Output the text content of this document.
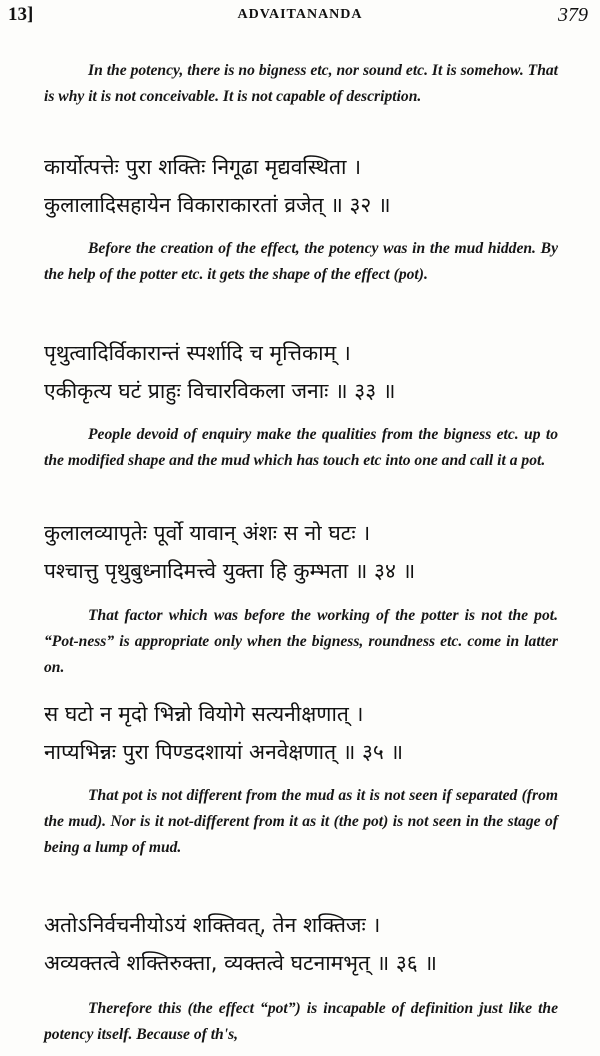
13]	ADVAITANANDA	379

In the potency, there is no bigness etc, nor sound etc. It is somehow. That is why it is not conceivable. It is not capable of description.

कार्योत्पत्तेः पुरा शक्तिः निगूढा मृद्यवस्थिता ।
कुलालादिसहायेन विकाराकारतां व्रजेत् ॥ ३२ ॥

Before the creation of the effect, the potency was in the mud hidden. By the help of the potter etc. it gets the shape of the effect (pot).

पृथुत्वादिर्विकारान्तं स्पर्शादि च मृत्तिकाम् ।
एकीकृत्य घटं प्राहुः विचारविकला जनाः ॥ ३३ ॥

People devoid of enquiry make the qualities from the bigness etc. up to the modified shape and the mud which has touch etc into one and call it a pot.

कुलालव्यापृतेः पूर्वो यावान् अंशः स नो घटः ।
पश्चात्तु पृथुबुध्नादिमत्त्वे युक्ता हि कुम्भता ॥ ३४ ॥

That factor which was before the working of the potter is not the pot. “Pot-ness” is appropriate only when the bigness, roundness etc. come in latter on.

स घटो न मृदो भिन्नो वियोगे सत्यनीक्षणात् ।
नाप्यभिन्नः पुरा पिण्डदशायां अनवेक्षणात् ॥ ३५ ॥

That pot is not different from the mud as it is not seen if separated (from the mud). Nor is it not-different from it as it (the pot) is not seen in the stage of being a lump of mud.

अतोऽनिर्वचनीयोऽयं शक्तिवत्, तेन शक्तिजः ।
अव्यक्तत्वे शक्तिरुक्ता, व्यक्तत्वे घटनामभृत् ॥ ३६ ॥

Therefore this (the effect “pot”) is incapable of definition just like the potency itself. Because of th's,
